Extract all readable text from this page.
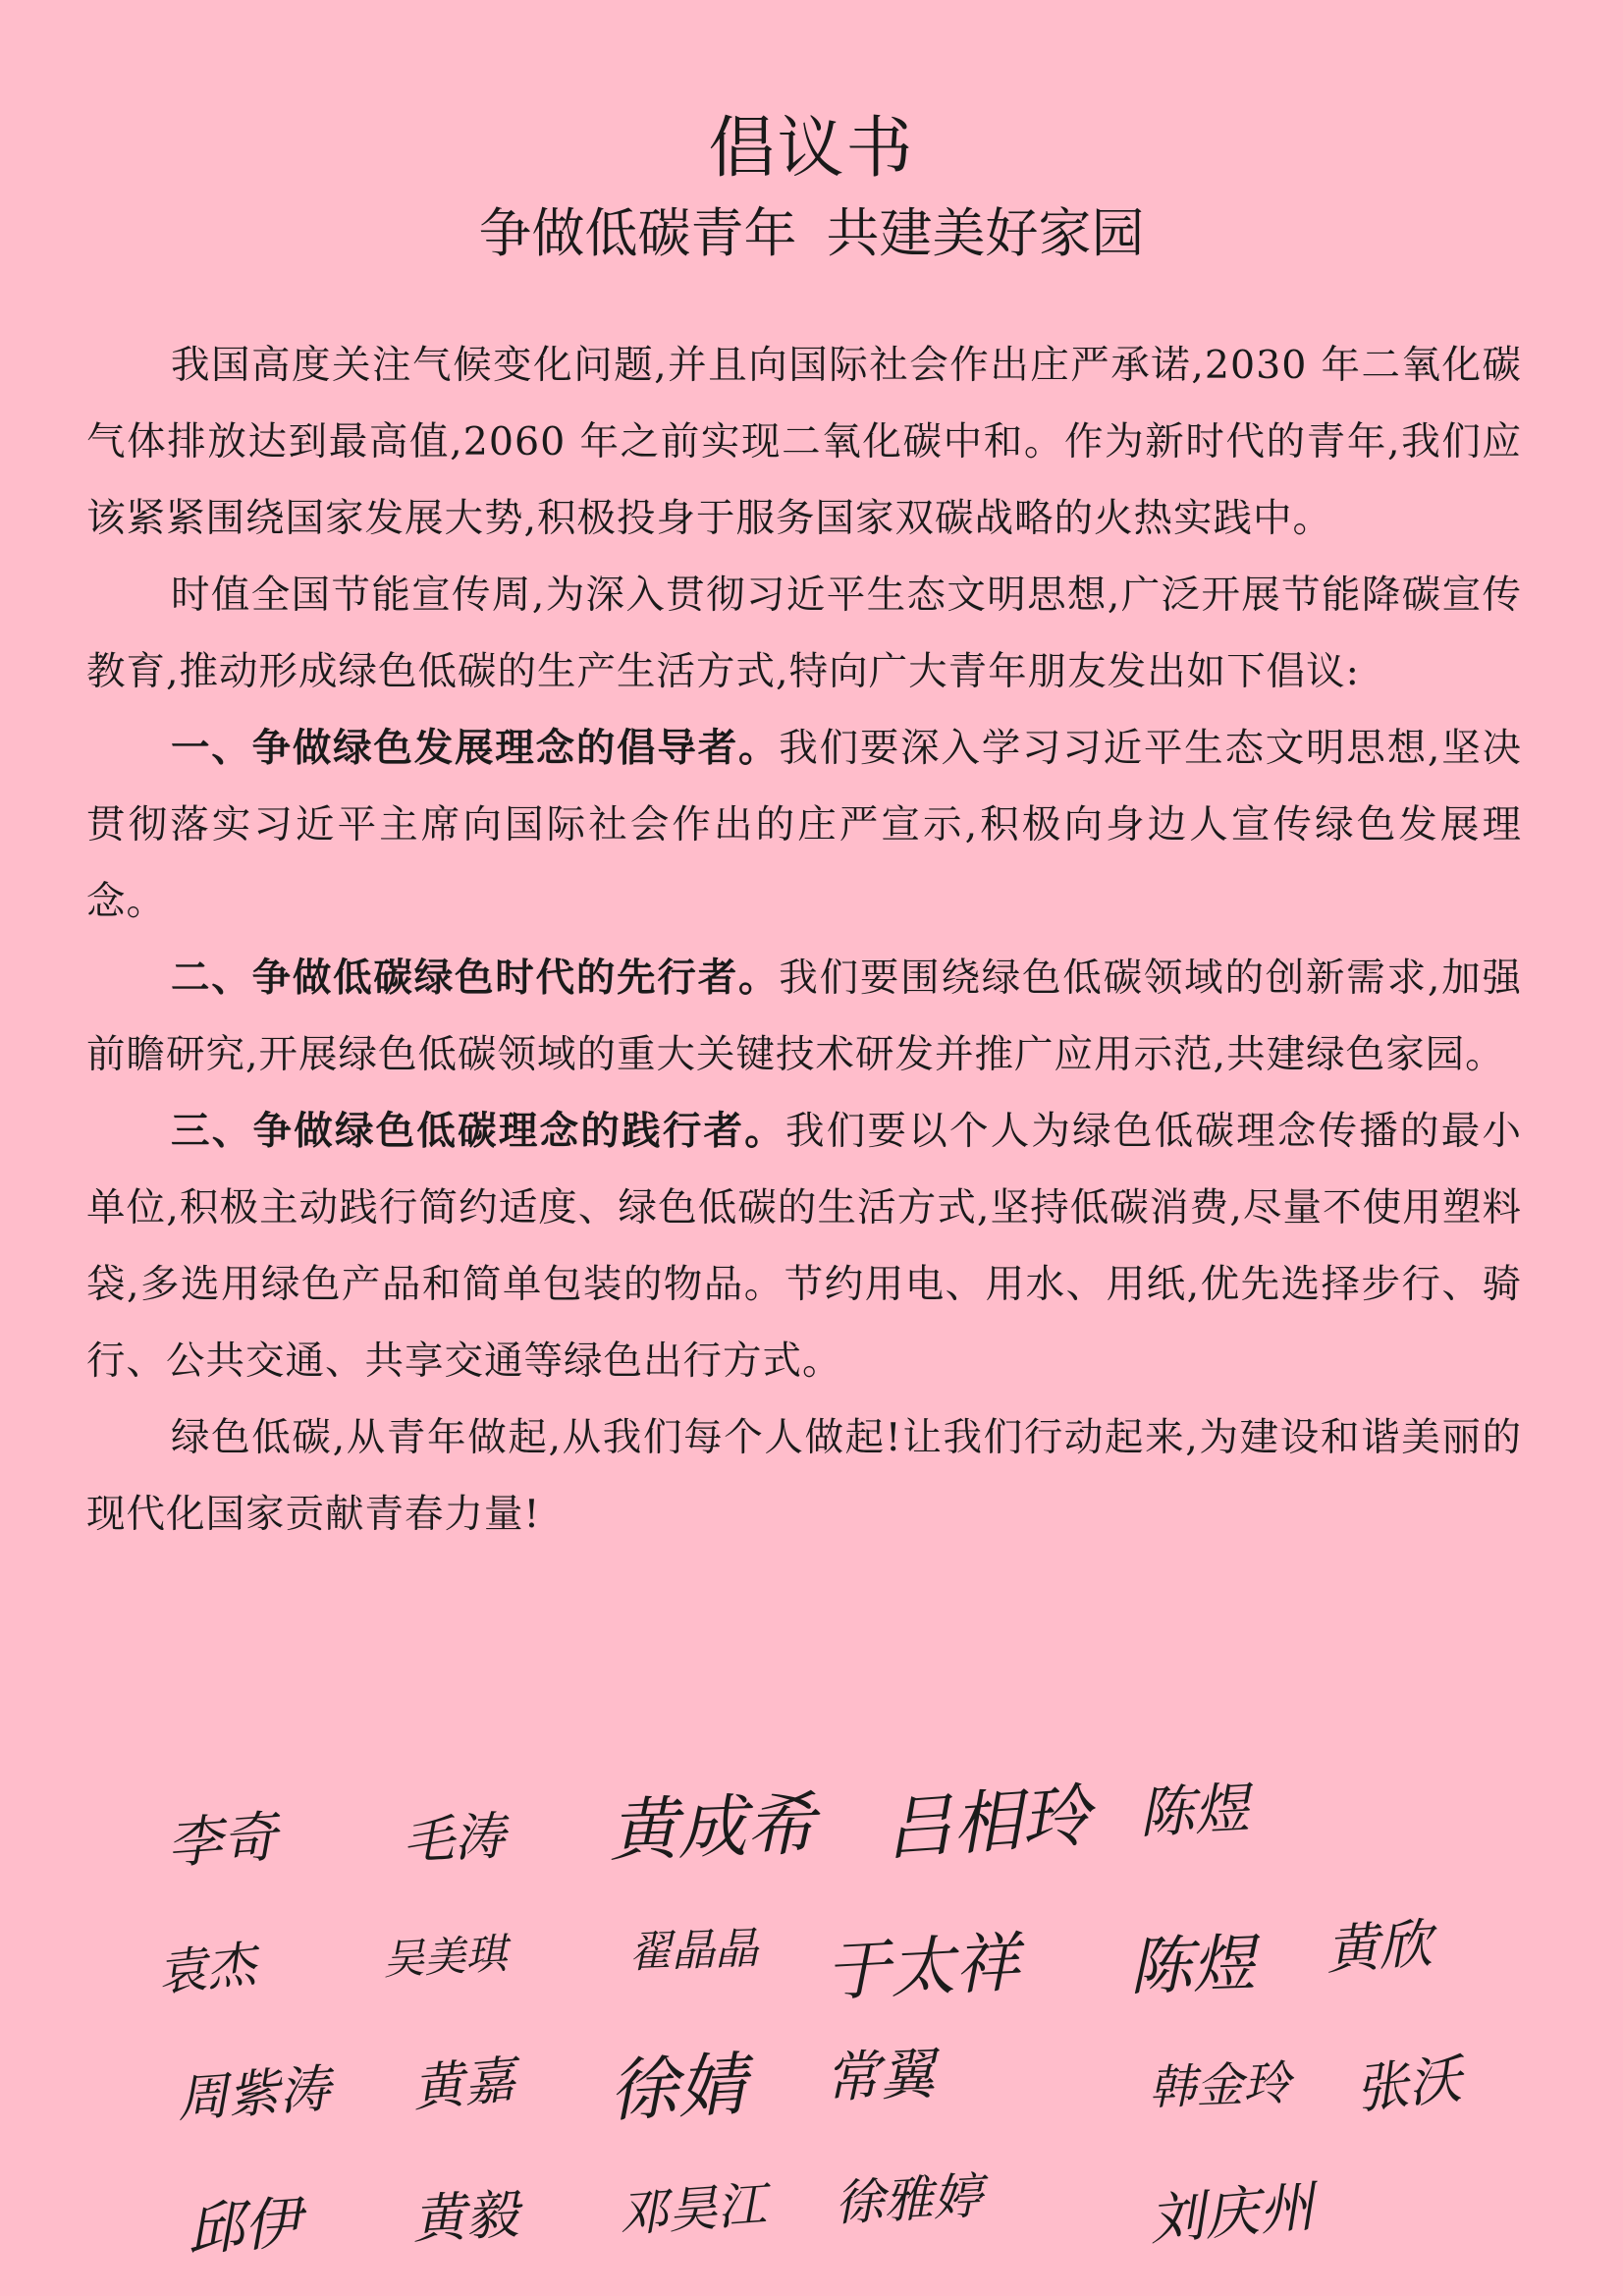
倡议书
争做低碳青年 共建美好家园

我国高度关注气候变化问题,并且向国际社会作出庄严承诺,2030 年二氧化碳气体排放达到最高值,2060 年之前实现二氧化碳中和。作为新时代的青年,我们应该紧紧围绕国家发展大势,积极投身于服务国家双碳战略的火热实践中。

时值全国节能宣传周,为深入贯彻习近平生态文明思想,广泛开展节能降碳宣传教育,推动形成绿色低碳的生产生活方式,特向广大青年朋友发出如下倡议:

一、争做绿色发展理念的倡导者。我们要深入学习习近平生态文明思想,坚决贯彻落实习近平主席向国际社会作出的庄严宣示,积极向身边人宣传绿色发展理念。

二、争做低碳绿色时代的先行者。我们要围绕绿色低碳领域的创新需求,加强前瞻研究,开展绿色低碳领域的重大关键技术研发并推广应用示范,共建绿色家园。

三、争做绿色低碳理念的践行者。我们要以个人为绿色低碳理念传播的最小单位,积极主动践行简约适度、绿色低碳的生活方式,坚持低碳消费,尽量不使用塑料袋,多选用绿色产品和简单包装的物品。节约用电、用水、用纸,优先选择步行、骑行、公共交通、共享交通等绿色出行方式。

绿色低碳,从青年做起,从我们每个人做起!让我们行动起来,为建设和谐美丽的现代化国家贡献青春力量!

李奇 毛涛 黄成希 吕相玲 陈煜
袁杰	吴美琪	翟晶晶 于太祥 陈煜 黄欣
周紫涛 黄嘉 徐婧 常翼	韩金玲 张沃
邱伊 黄毅 邓昊江 徐雅婷	刘庆州
